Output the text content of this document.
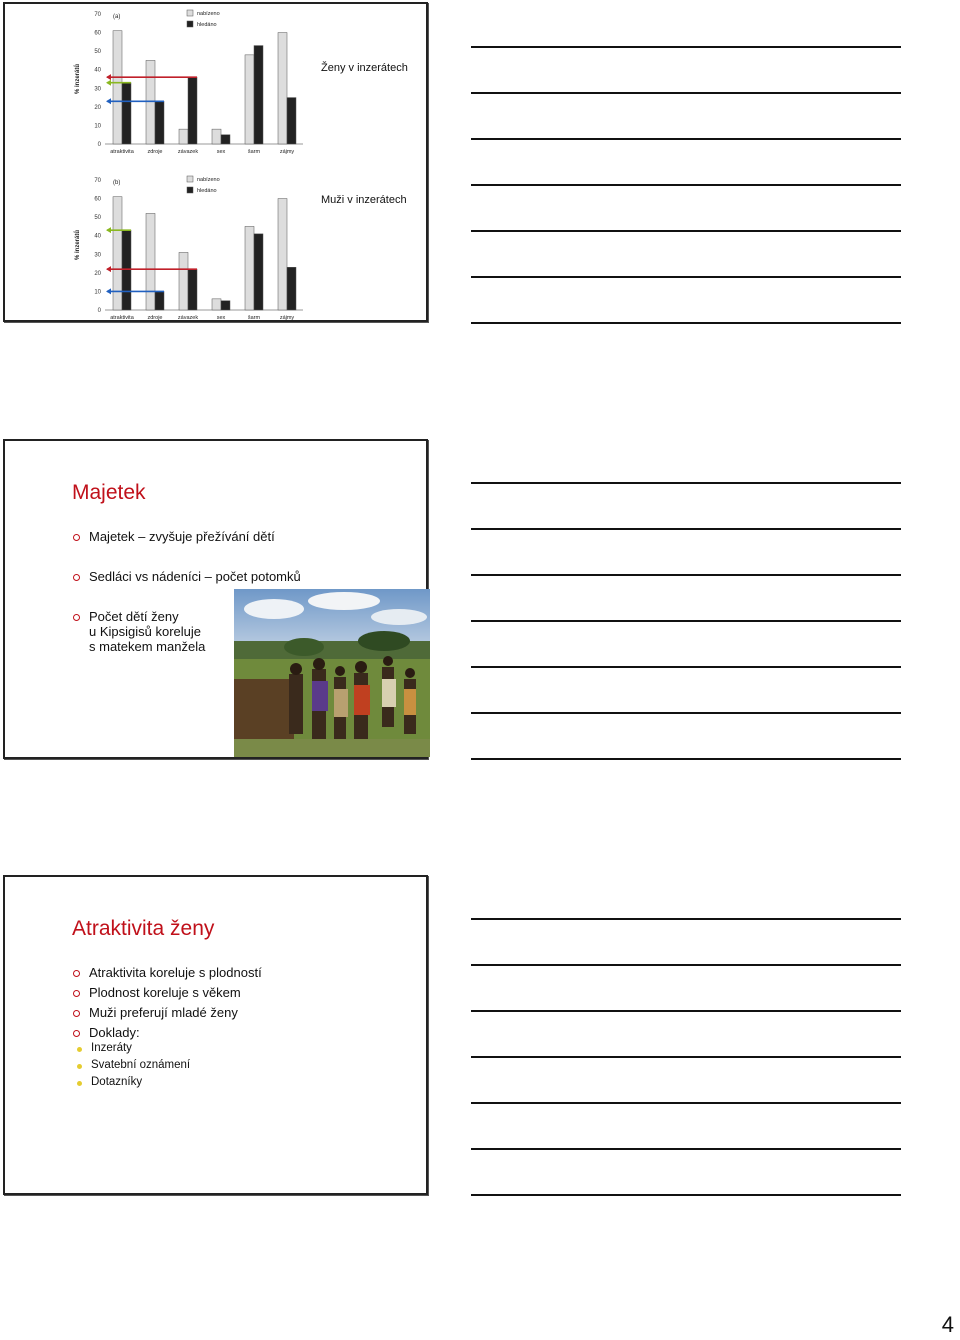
% inzerátů
0
10
20
30
40
50
60
70 (a)	nabízeno
hledáno
atraktivita zdroje	závazek	sex	šarm	zájmy
% inzerátů
0
10
20
30
40
50
60
70 (b)	nabízeno
hledáno
atraktivita zdroje	závazek	sex	šarm	zájmy
Ženy v inzerátech
Muži v inzerátech
Majetek
Majetek – zvyšuje přežívání dětí
Sedláci vs nádeníci – počet potomků
Počet dětí ženy
u Kipsigisů koreluje
s matekem manžela
Atraktivita ženy
Atraktivita koreluje s plodností
Plodnost koreluje s věkem
Muži preferují mladé ženy
Doklady:
Inzeráty
Svatební oznámení
Dotazníky
4
